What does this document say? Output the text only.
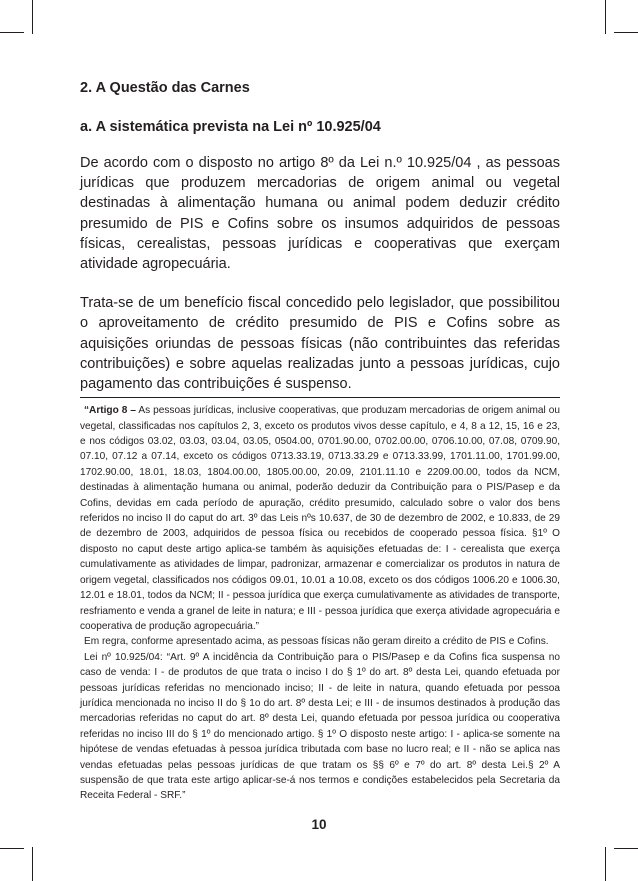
2. A Questão das Carnes

a. A sistemática prevista na Lei nº 10.925/04

De acordo com o disposto no artigo 8º da Lei n.º 10.925/04 , as pessoas jurídicas que produzem mercadorias de origem animal ou vegetal destinadas à alimentação humana ou animal podem deduzir crédito presumido de PIS e Cofins sobre os insumos adquiridos de pessoas físicas, cerealistas, pessoas jurídicas e cooperativas que exerçam atividade agropecuária.

Trata-se de um benefício fiscal concedido pelo legislador, que possibilitou o aproveitamento de crédito presumido de PIS e Cofins sobre as aquisições oriundas de pessoas físicas (não contribuintes das referidas contribuições) e sobre aquelas realizadas junto a pessoas jurídicas, cujo pagamento das contribuições é suspenso.

“Artigo 8 – As pessoas jurídicas, inclusive cooperativas, que produzam mercadorias de origem animal ou vegetal, classificadas nos capítulos 2, 3, exceto os produtos vivos desse capítulo, e 4, 8 a 12, 15, 16 e 23, e nos códigos 03.02, 03.03, 03.04, 03.05, 0504.00, 0701.90.00, 0702.00.00, 0706.10.00, 07.08, 0709.90, 07.10, 07.12 a 07.14, exceto os códigos 0713.33.19, 0713.33.29 e 0713.33.99, 1701.11.00, 1701.99.00, 1702.90.00, 18.01, 18.03, 1804.00.00, 1805.00.00, 20.09, 2101.11.10 e 2209.00.00, todos da NCM, destinadas à alimentação humana ou animal, poderão deduzir da Contribuição para o PIS/Pasep e da Cofins, devidas em cada período de apuração, crédito presumido, calculado sobre o valor dos bens referidos no inciso II do caput do art. 3º das Leis nºs 10.637, de 30 de dezembro de 2002, e 10.833, de 29 de dezembro de 2003, adquiridos de pessoa física ou recebidos de cooperado pessoa física. §1º O disposto no caput deste artigo aplica-se também às aquisições efetuadas de: I - cerealista que exerça cumulativamente as atividades de limpar, padronizar, armazenar e comercializar os produtos in natura de origem vegetal, classificados nos códigos 09.01, 10.01 a 10.08, exceto os dos códigos 1006.20 e 1006.30, 12.01 e 18.01, todos da NCM; II - pessoa jurídica que exerça cumulativamente as atividades de transporte, resfriamento e venda a granel de leite in natura; e III - pessoa jurídica que exerça atividade agropecuária e cooperativa de produção agropecuária.”

Em regra, conforme apresentado acima, as pessoas físicas não geram direito a crédito de PIS e Cofins.

Lei nº 10.925/04: “Art. 9º A incidência da Contribuição para o PIS/Pasep e da Cofins fica suspensa no caso de venda: I - de produtos de que trata o inciso I do § 1º do art. 8º desta Lei, quando efetuada por pessoas jurídicas referidas no mencionado inciso; II - de leite in natura, quando efetuada por pessoa jurídica mencionada no inciso II do § 1o do art. 8º desta Lei; e III - de insumos destinados à produção das mercadorias referidas no caput do art. 8º desta Lei, quando efetuada por pessoa jurídica ou cooperativa referidas no inciso III do § 1º do mencionado artigo. § 1º O disposto neste artigo: I - aplica-se somente na hipótese de vendas efetuadas à pessoa jurídica tributada com base no lucro real; e II - não se aplica nas vendas efetuadas pelas pessoas jurídicas de que tratam os §§ 6º e 7º do art. 8º desta Lei.§ 2º A suspensão de que trata este artigo aplicar-se-á nos termos e condições estabelecidos pela Secretaria da Receita Federal - SRF.”

10
